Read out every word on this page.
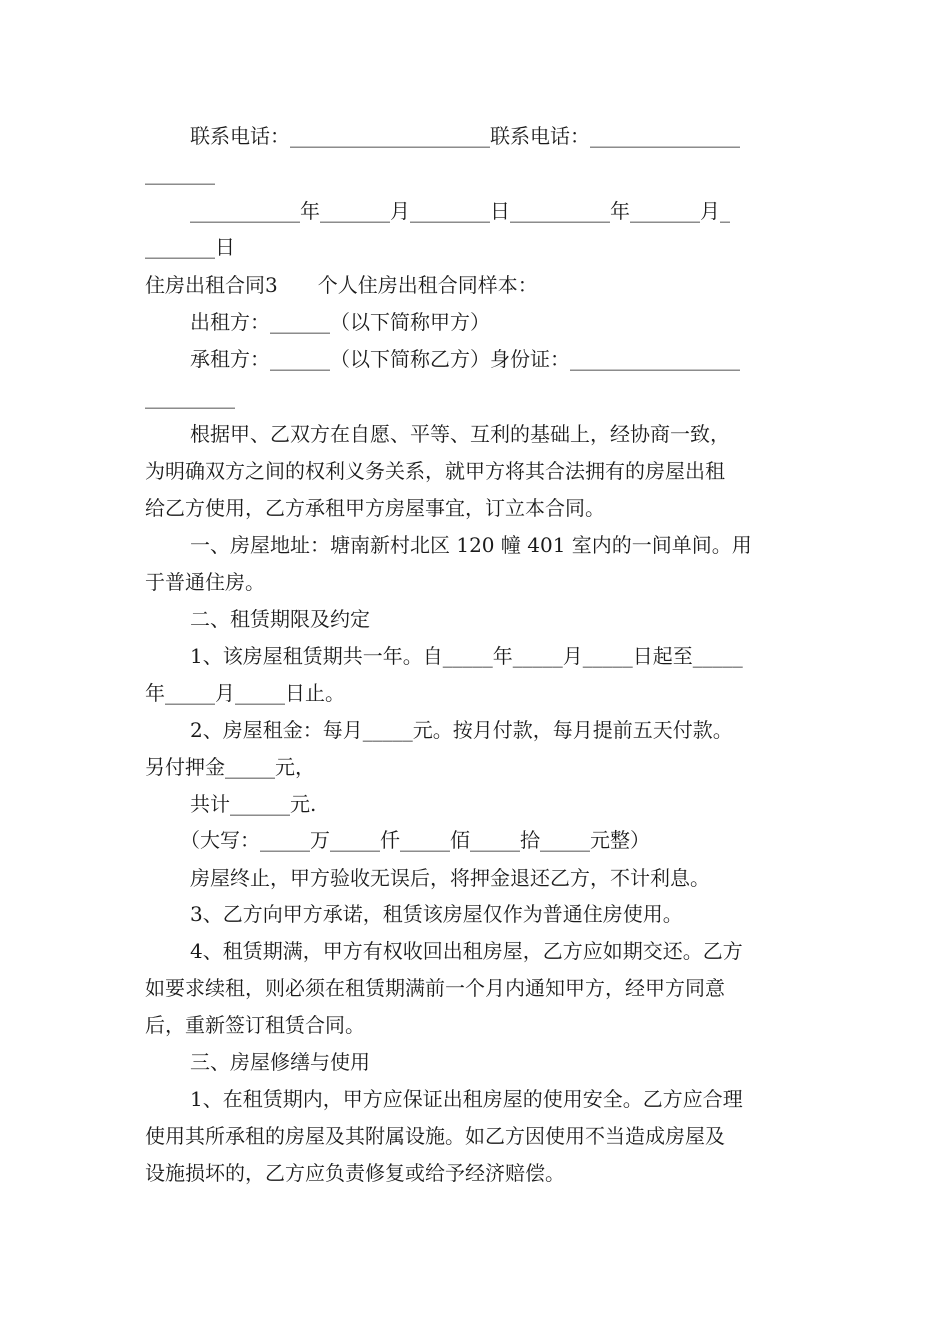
联系电话：____________________联系电话：_______________
_______
___________年_______月________日__________年_______月_
_______日
住房出租合同3 个人住房出租合同样本：
出租方：______（以下简称甲方）
承租方：______（以下简称乙方）身份证：_________________
_________
根据甲、乙双方在自愿、平等、互利的基础上，经协商一致，
为明确双方之间的权利义务关系，就甲方将其合法拥有的房屋出租
给乙方使用，乙方承租甲方房屋事宜，订立本合同。
一、房屋地址：塘南新村北区 120 幢 401 室内的一间单间。用
于普通住房。
二、租赁期限及约定
1、该房屋租赁期共一年。自_____年_____月_____日起至_____
年_____月_____日止。
2、房屋租金：每月_____元。按月付款，每月提前五天付款。
另付押金_____元，
共计______元.
（大写：_____万_____仟_____佰_____拾_____元整）
房屋终止，甲方验收无误后，将押金退还乙方，不计利息。
3、乙方向甲方承诺，租赁该房屋仅作为普通住房使用。
4、租赁期满，甲方有权收回出租房屋，乙方应如期交还。乙方
如要求续租，则必须在租赁期满前一个月内通知甲方，经甲方同意
后，重新签订租赁合同。
三、房屋修缮与使用
1、在租赁期内，甲方应保证出租房屋的使用安全。乙方应合理
使用其所承租的房屋及其附属设施。如乙方因使用不当造成房屋及
设施损坏的，乙方应负责修复或给予经济赔偿。
